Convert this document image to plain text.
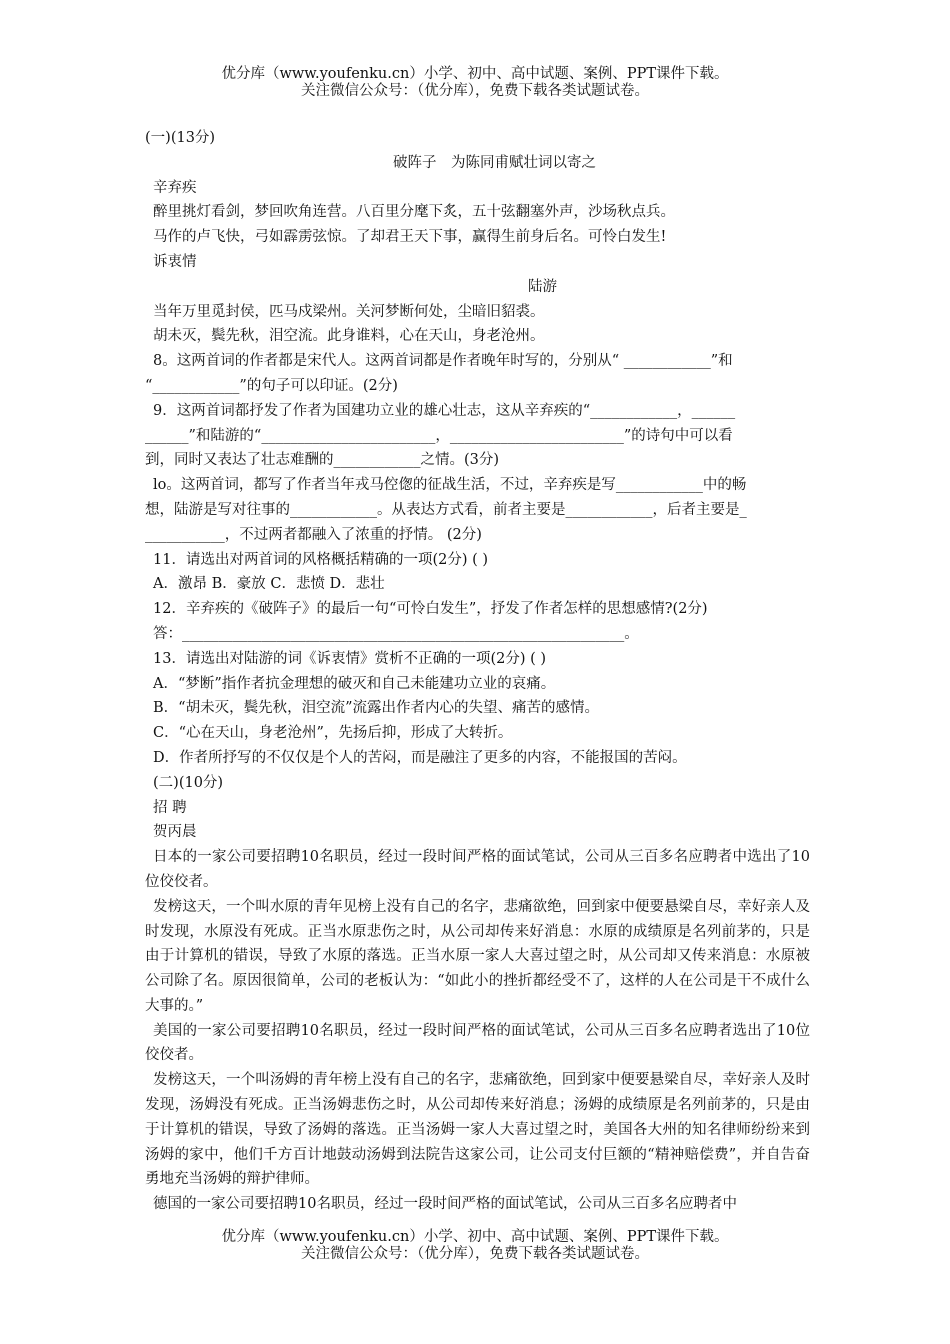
优分库（www.youfenku.cn）小学、初中、高中试题、案例、PPT课件下载。
关注微信公众号：（优分库），免费下载各类试题试卷。
(一)(13分)
破阵子　为陈同甫赋壮词以寄之
辛弃疾
醉里挑灯看剑，梦回吹角连营。八百里分麾下炙，五十弦翻塞外声，沙场秋点兵。
马作的卢飞快，弓如霹雳弦惊。了却君王天下事，赢得生前身后名。可怜白发生!
诉衷情
陆游
当年万里觅封侯，匹马戍梁州。关河梦断何处，尘暗旧貂裘。
胡未灭，鬓先秋，泪空流。此身谁料，心在天山，身老沧州。
8。这两首词的作者都是宋代人。这两首词都是作者晚年时写的，分别从“ ____________”和
“____________”的句子可以印证。(2分)
9．这两首词都抒发了作者为国建功立业的雄心壮志，这从辛弃疾的“____________，______
______”和陆游的“________________________，________________________”的诗句中可以看
到，同时又表达了壮志难酬的____________之情。(3分)
lo。这两首词，都写了作者当年戎马倥偬的征战生活，不过，辛弃疾是写____________中的畅
想，陆游是写对往事的____________。从表达方式看，前者主要是____________，后者主要是_
___________，不过两者都融入了浓重的抒情。 (2分)
11．请选出对两首词的风格概括精确的一项(2分) ( )
A．激昂 B．豪放 C．悲愤 D．悲壮
12．辛弃疾的《破阵子》的最后一句“可怜白发生”，抒发了作者怎样的思想感情?(2分)
答：_____________________________________________________________。
13．请选出对陆游的词《诉衷情》赏析不正确的一项(2分) ( )
A．“梦断”指作者抗金理想的破灭和自己未能建功立业的哀痛。
B．“胡未灭，鬓先秋，泪空流”流露出作者内心的失望、痛苦的感情。
C．“心在天山，身老沧州”，先扬后抑，形成了大转折。
D．作者所抒写的不仅仅是个人的苦闷，而是融注了更多的内容，不能报国的苦闷。
(二)(10分)
招 聘
贺丙晨
日本的一家公司要招聘10名职员，经过一段时间严格的面试笔试，公司从三百多名应聘者中选出了10位佼佼者。
发榜这天，一个叫水原的青年见榜上没有自己的名字，悲痛欲绝，回到家中便要悬梁自尽，幸好亲人及时发现，水原没有死成。正当水原悲伤之时，从公司却传来好消息：水原的成绩原是名列前茅的，只是由于计算机的错误，导致了水原的落选。正当水原一家人大喜过望之时，从公司却又传来消息：水原被公司除了名。原因很简单，公司的老板认为：“如此小的挫折都经受不了，这样的人在公司是干不成什么大事的。”
美国的一家公司要招聘10名职员，经过一段时间严格的面试笔试，公司从三百多名应聘者选出了10位佼佼者。
发榜这天，一个叫汤姆的青年榜上没有自己的名字，悲痛欲绝，回到家中便要悬梁自尽，幸好亲人及时发现，汤姆没有死成。正当汤姆悲伤之时，从公司却传来好消息；汤姆的成绩原是名列前茅的，只是由于计算机的错误，导致了汤姆的落选。正当汤姆一家人大喜过望之时，美国各大州的知名律师纷纷来到汤姆的家中，他们千方百计地鼓动汤姆到法院告这家公司，让公司支付巨额的“精神赔偿费”，并自告奋勇地充当汤姆的辩护律师。
德国的一家公司要招聘10名职员，经过一段时间严格的面试笔试，公司从三百多名应聘者中
优分库（www.youfenku.cn）小学、初中、高中试题、案例、PPT课件下载。
关注微信公众号：（优分库），免费下载各类试题试卷。
